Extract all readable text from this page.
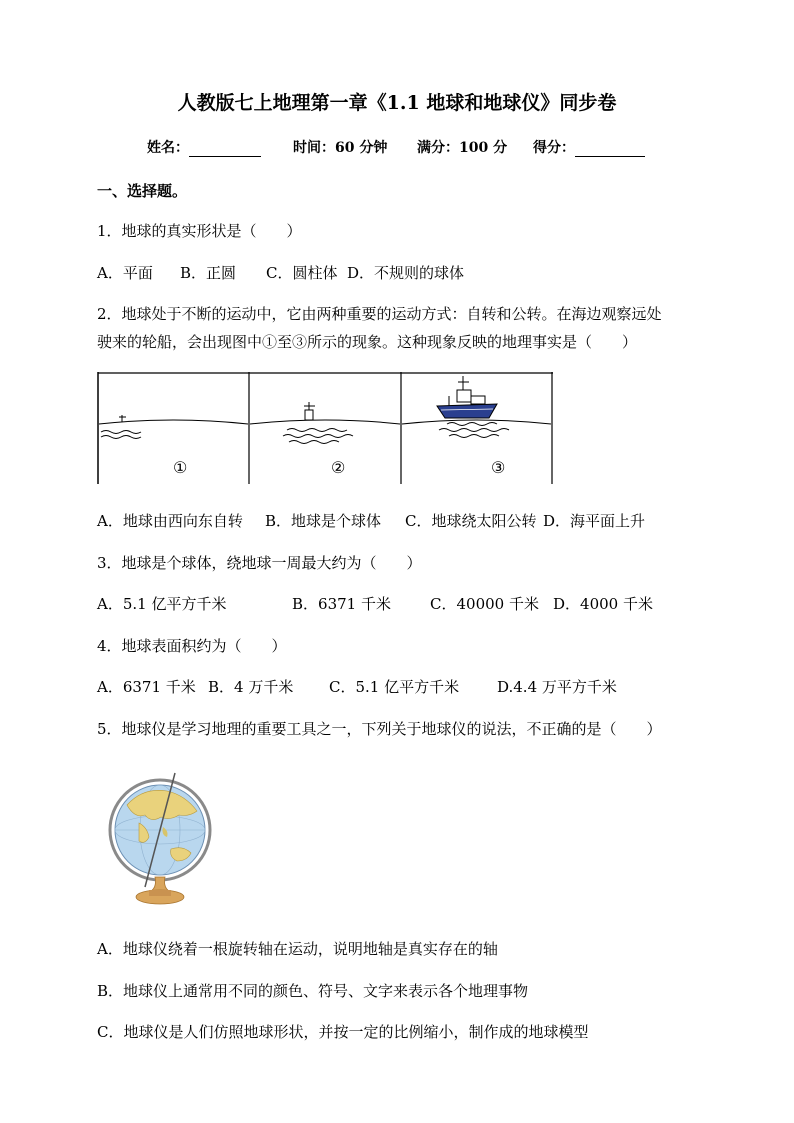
人教版七上地理第一章《1.1 地球和地球仪》同步卷
姓名：	时间：60 分钟 满分：100 分 得分：
一、选择题。
1．地球的真实形状是（　　）
A．平面 B．正圆 C．圆柱体 D．不规则的球体
2．地球处于不断的运动中，它由两种重要的运动方式：自转和公转。在海边观察远处
驶来的轮船，会出现图中①至③所示的现象。这种现象反映的地理事实是（　　）
①	②	③
A．地球由西向东自转 B．地球是个球体 C．地球绕太阳公转 D．海平面上升
3．地球是个球体，绕地球一周最大约为（　　）
A．5.1 亿平方千米	B．6371 千米	C．40000 千米 D．4000 千米
4．地球表面积约为（　　）
A．6371 千米 B．4 万千米 C．5.1 亿平方千米	D.4.4 万平方千米
5．地球仪是学习地理的重要工具之一，下列关于地球仪的说法，不正确的是（　　）
A．地球仪绕着一根旋转轴在运动，说明地轴是真实存在的轴
B．地球仪上通常用不同的颜色、符号、文字来表示各个地理事物
C．地球仪是人们仿照地球形状，并按一定的比例缩小，制作成的地球模型
